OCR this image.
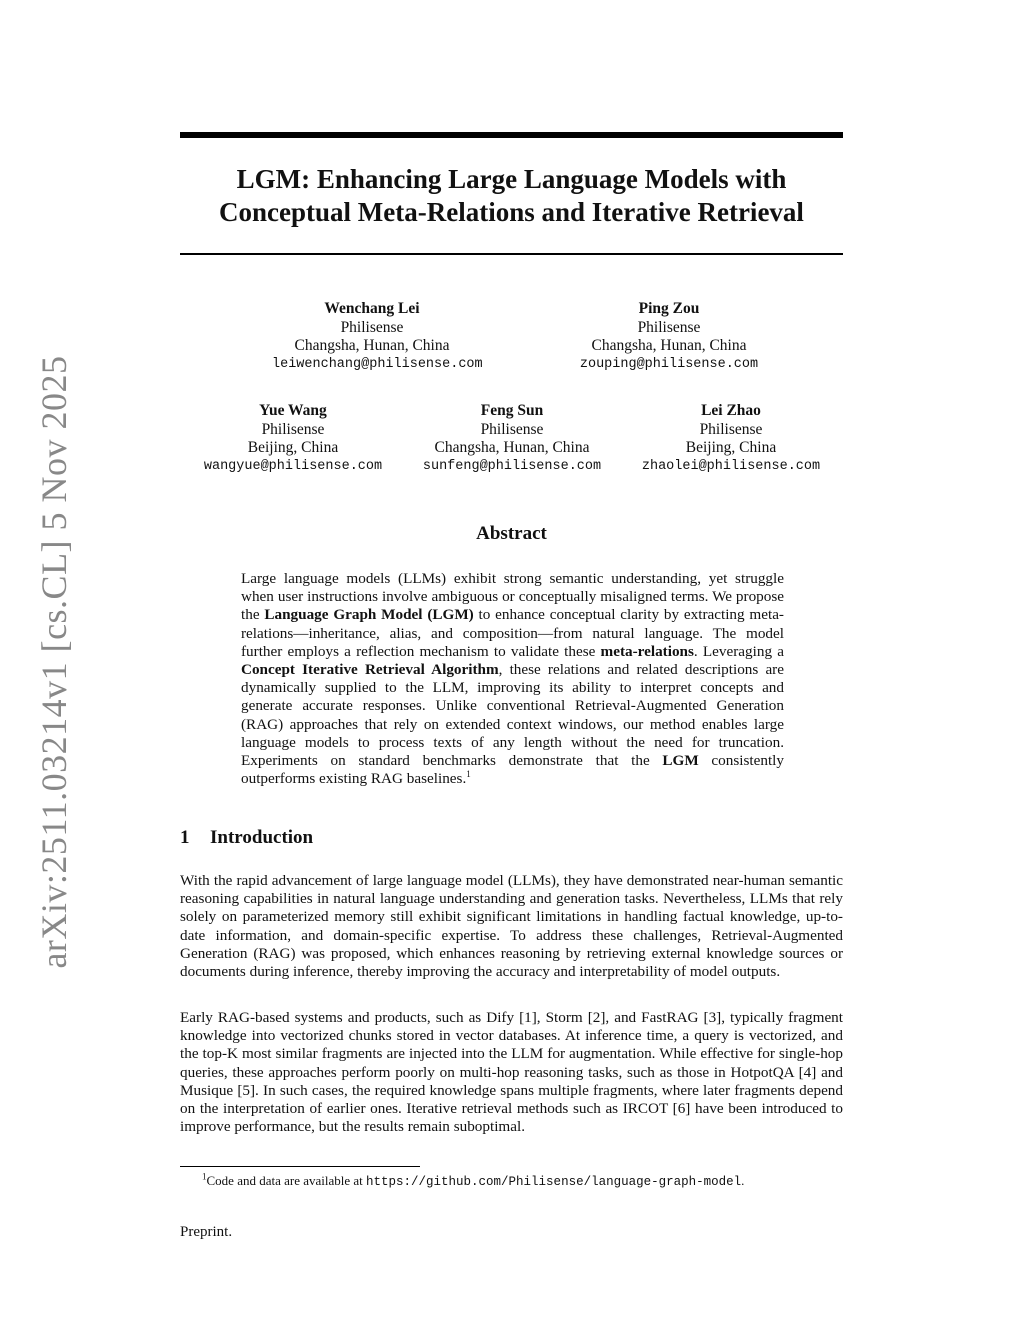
arXiv:2511.03214v1 [cs.CL] 5 Nov 2025
LGM: Enhancing Large Language Models with
Conceptual Meta-Relations and Iterative Retrieval
Wenchang Lei
Philisense
Changsha, Hunan, China
leiwenchang@philisense.com
Ping Zou
Philisense
Changsha, Hunan, China
zouping@philisense.com
Yue Wang
Philisense
Beijing, China
wangyue@philisense.com
Feng Sun
Philisense
Changsha, Hunan, China
sunfeng@philisense.com
Lei Zhao
Philisense
Beijing, China
zhaolei@philisense.com
Abstract
Large language models (LLMs) exhibit strong semantic understanding, yet struggle when user instructions involve ambiguous or conceptually misaligned terms. We propose the Language Graph Model (LGM) to enhance conceptual clarity by extracting meta-relations—inheritance, alias, and composition—from natural language. The model further employs a reflection mechanism to validate these meta-relations. Leveraging a Concept Iterative Retrieval Algorithm, these relations and related descriptions are dynamically supplied to the LLM, improving its ability to interpret concepts and generate accurate responses. Unlike conventional Retrieval-Augmented Generation (RAG) approaches that rely on extended context windows, our method enables large language models to process texts of any length without the need for truncation. Experiments on standard benchmarks demonstrate that the LGM consistently outperforms existing RAG baselines.$^1$
1 Introduction
With the rapid advancement of large language model (LLMs), they have demonstrated near-human semantic reasoning capabilities in natural language understanding and generation tasks. Nevertheless, LLMs that rely solely on parameterized memory still exhibit significant limitations in handling factual knowledge, up-to-date information, and domain-specific expertise. To address these challenges, Retrieval-Augmented Generation (RAG) was proposed, which enhances reasoning by retrieving external knowledge sources or documents during inference, thereby improving the accuracy and interpretability of model outputs.
Early RAG-based systems and products, such as Dify [1], Storm [2], and FastRAG [3], typically fragment knowledge into vectorized chunks stored in vector databases. At inference time, a query is vectorized, and the top-K most similar fragments are injected into the LLM for augmentation. While effective for single-hop queries, these approaches perform poorly on multi-hop reasoning tasks, such as those in HotpotQA [4] and Musique [5]. In such cases, the required knowledge spans multiple fragments, where later fragments depend on the interpretation of earlier ones. Iterative retrieval methods such as IRCOT [6] have been introduced to improve performance, but the results remain suboptimal.
$^1$Code and data are available at https://github.com/Philisense/language-graph-model.
Preprint.
